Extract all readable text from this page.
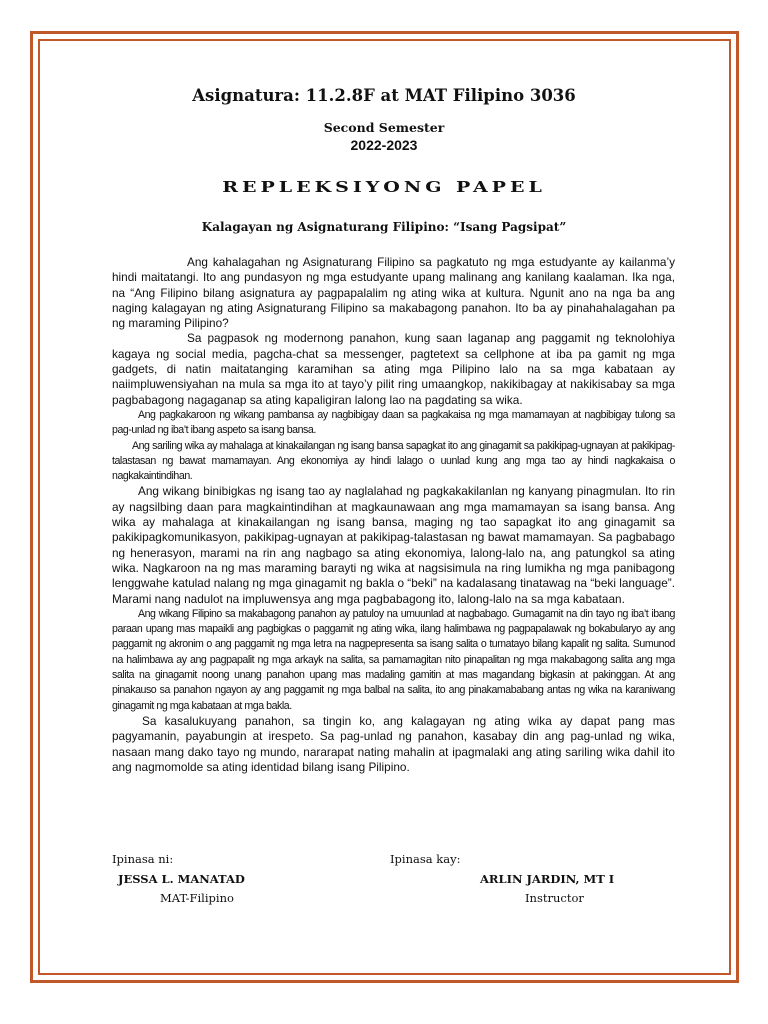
Asignatura: 11.2.8F at MAT Filipino 3036
Second Semester
2022-2023
REPLEKSIYONG PAPEL
Kalagayan ng Asignaturang Filipino: “Isang Pagsipat”

Ang kahalagahan ng Asignaturang Filipino sa pagkatuto ng mga estudyante ay kailanma’y hindi maitatangi. Ito ang pundasyon ng mga estudyante upang malinang ang kanilang kaalaman. Ika nga, na “Ang Filipino bilang asignatura ay pagpapalalim ng ating wika at kultura. Ngunit ano na nga ba ang naging kalagayan ng ating Asignaturang Filipino sa makabagong panahon. Ito ba ay pinahahalagahan pa ng maraming Pilipino?

Sa pagpasok ng modernong panahon, kung saan laganap ang paggamit ng teknolohiya kagaya ng social media, pagcha-chat sa messenger, pagtetext sa cellphone at iba pa gamit ng mga gadgets, di natin maitatanging karamihan sa ating mga Pilipino lalo na sa mga kabataan ay naiimpluwensiyahan na mula sa mga ito at tayo’y pilit ring umaangkop, nakikibagay at nakikisabay sa mga pagbabagong nagaganap sa ating kapaligiran lalong lao na pagdating sa wika.

Ang pagkakaroon ng wikang pambansa ay nagbibigay daan sa pagkakaisa ng mga mamamayan at nagbibigay tulong sa pag-unlad ng iba’t ibang aspeto sa isang bansa.

Ang sariling wika ay mahalaga at kinakailangan ng isang bansa sapagkat ito ang ginagamit sa pakikipag-ugnayan at pakikipag-talastasan ng bawat mamamayan. Ang ekonomiya ay hindi lalago o uunlad kung ang mga tao ay hindi nagkakaisa o nagkakaintindihan.

Ang wikang binibigkas ng isang tao ay naglalahad ng pagkakakilanlan ng kanyang pinagmulan. Ito rin ay nagsilbing daan para magkaintindihan at magkaunawaan ang mga mamamayan sa isang bansa. Ang wika ay mahalaga at kinakailangan ng isang bansa, maging ng tao sapagkat ito ang ginagamit sa pakikipagkomunikasyon, pakikipag-ugnayan at pakikipag-talastasan ng bawat mamamayan. Sa pagbabago ng henerasyon, marami na rin ang nagbago sa ating ekonomiya, lalong-lalo na, ang patungkol sa ating wika. Nagkaroon na ng mas maraming barayti ng wika at nagsisimula na ring lumikha ng mga panibagong lenggwahe katulad nalang ng mga ginagamit ng bakla o “beki” na kadalasang tinatawag na “beki language”. Marami nang nadulot na impluwensya ang mga pagbabagong ito, lalong-lalo na sa mga kabataan.

Ang wikang Filipino sa makabagong panahon ay patuloy na umuunlad at nagbabago. Gumagamit na din tayo ng iba’t ibang paraan upang mas mapaikli ang pagbigkas o paggamit ng ating wika, ilang halimbawa ng pagpapalawak ng bokabularyo ay ang paggamit ng akronim o ang paggamit ng mga letra na nagpepresenta sa isang salita o tumatayo bilang kapalit ng salita. Sumunod na halimbawa ay ang pagpapalit ng mga arkayk na salita, sa pamamagitan nito pinapalitan ng mga makabagong salita ang mga salita na ginagamit noong unang panahon upang mas madaling gamitin at mas magandang bigkasin at pakinggan. At ang pinakauso sa panahon ngayon ay ang paggamit ng mga balbal na salita, ito ang pinakamababang antas ng wika na karaniwang ginagamit ng mga kabataan at mga bakla.

Sa kasalukuyang panahon, sa tingin ko, ang kalagayan ng ating wika ay dapat pang mas pagyamanin, payabungin at irespeto. Sa pag-unlad ng panahon, kasabay din ang pag-unlad ng wika, nasaan mang dako tayo ng mundo, nararapat nating mahalin at ipagmalaki ang ating sariling wika dahil ito ang nagmomolde sa ating identidad bilang isang Pilipino.

Ipinasa ni:
JESSA L. MANATAD
MAT-Filipino
Ipinasa kay:
ARLIN JARDIN, MT I
Instructor
